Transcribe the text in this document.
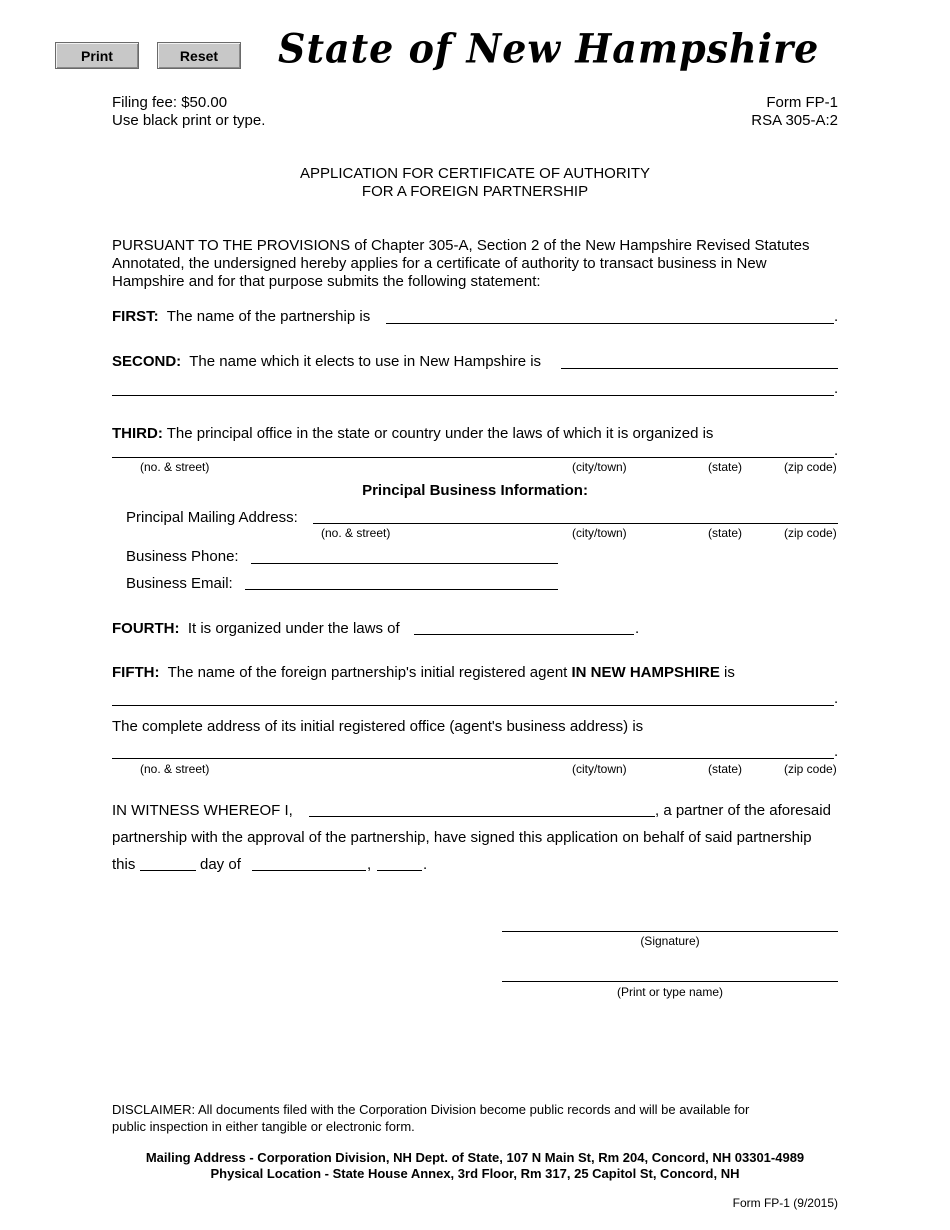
Print	Reset	State of New Hampshire
Filing fee: $50.00
Use black print or type.
Form FP-1
RSA 305-A:2
APPLICATION FOR CERTIFICATE OF AUTHORITY
FOR A FOREIGN PARTNERSHIP
PURSUANT TO THE PROVISIONS of Chapter 305-A, Section 2 of the New Hampshire Revised Statutes
Annotated, the undersigned hereby applies for a certificate of authority to transact business in New
Hampshire and for that purpose submits the following statement:
FIRST: The name of the partnership is	.
SECOND: The name which it elects to use in New Hampshire is
.
THIRD: The principal office in the state or country under the laws of which it is organized is
.
(no. & street)	(city/town)	(state)	(zip code)
Principal Business Information:
Principal Mailing Address:
(no. & street)	(city/town)	(state)	(zip code)
Business Phone:
Business Email:
FOURTH: It is organized under the laws of	.
FIFTH: The name of the foreign partnership's initial registered agent IN NEW HAMPSHIRE is
.
The complete address of its initial registered office (agent's business address) is
.
(no. & street)	(city/town)	(state)	(zip code)
IN WITNESS WHEREOF I,	, a partner of the aforesaid
partnership with the approval of the partnership, have signed this application on behalf of said partnership
this	day of	,	.
(Signature)
(Print or type name)
DISCLAIMER: All documents filed with the Corporation Division become public records and will be available for
public inspection in either tangible or electronic form.
Mailing Address - Corporation Division, NH Dept. of State, 107 N Main St, Rm 204, Concord, NH 03301-4989
Physical Location - State House Annex, 3rd Floor, Rm 317, 25 Capitol St, Concord, NH
Form FP-1 (9/2015)
